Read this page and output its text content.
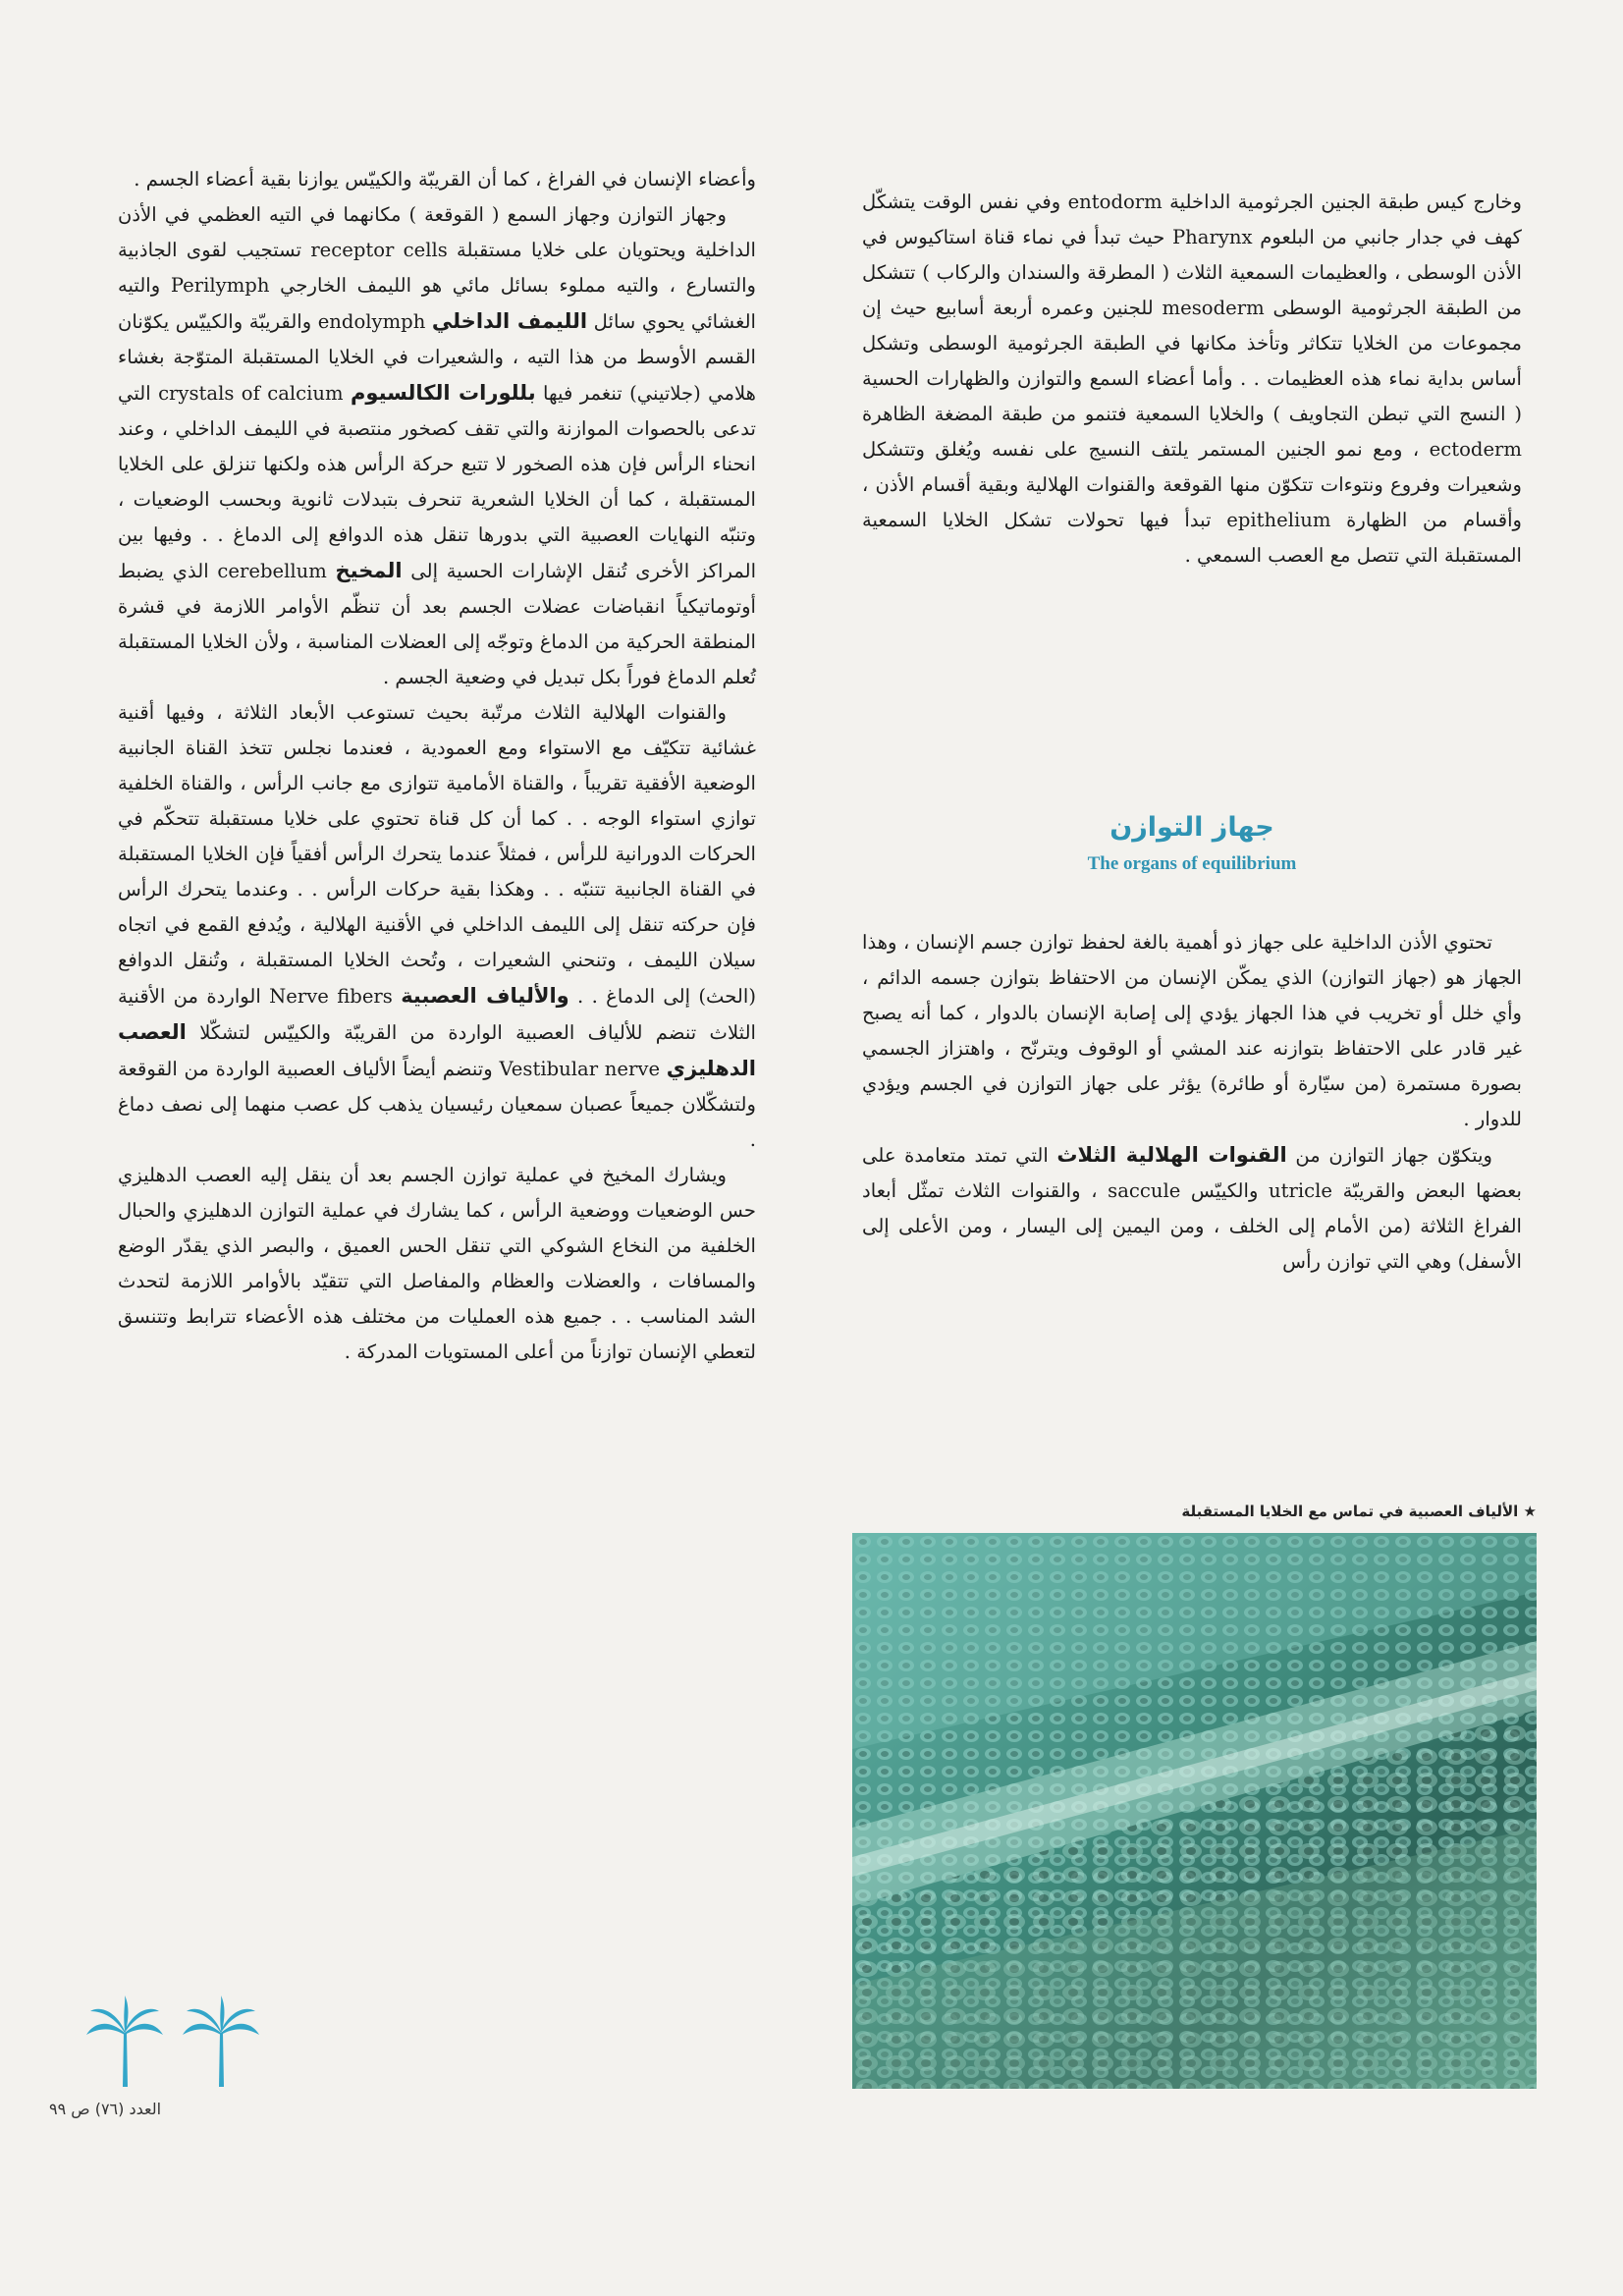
وخارج كيس طبقة الجنين الجرثومية الداخلية entodorm وفي نفس الوقت يتشكّل كهف في جدار جانبي من البلعوم Pharynx حيث تبدأ في نماء قناة استاكيوس في الأذن الوسطى ، والعظيمات السمعية الثلاث ( المطرقة والسندان والركاب ) تتشكل من الطبقة الجرثومية الوسطى mesoderm للجنين وعمره أربعة أسابيع حيث إن مجموعات من الخلايا تتكاثر وتأخذ مكانها في الطبقة الجرثومية الوسطى وتشكل أساس بداية نماء هذه العظيمات . . وأما أعضاء السمع والتوازن والظهارات الحسية ( النسج التي تبطن التجاويف ) والخلايا السمعية فتنمو من طبقة المضغة الظاهرة ectoderm ، ومع نمو الجنين المستمر يلتف النسيج على نفسه ويُغلق وتتشكل وشعيرات وفروع ونتوءات تتكوّن منها القوقعة والقنوات الهلالية وبقية أقسام الأذن ، وأقسام من الظهارة epithelium تبدأ فيها تحولات تشكل الخلايا السمعية المستقبلة التي تتصل مع العصب السمعي .

جهاز التوازن
The organs of equilibrium

تحتوي الأذن الداخلية على جهاز ذو أهمية بالغة لحفظ توازن جسم الإنسان ، وهذا الجهاز هو (جهاز التوازن) الذي يمكّن الإنسان من الاحتفاظ بتوازن جسمه الدائم ، وأي خلل أو تخريب في هذا الجهاز يؤدي إلى إصابة الإنسان بالدوار ، كما أنه يصبح غير قادر على الاحتفاظ بتوازنه عند المشي أو الوقوف ويترنّح ، واهتزاز الجسمي بصورة مستمرة (من سيّارة أو طائرة) يؤثر على جهاز التوازن في الجسم ويؤدي للدوار .

ويتكوّن جهاز التوازن من القنوات الهلالية الثلاث التي تمتد متعامدة على بعضها البعض والقريبّة utricle والكييّس saccule ، والقنوات الثلاث تمثّل أبعاد الفراغ الثلاثة (من الأمام إلى الخلف ، ومن اليمين إلى اليسار ، ومن الأعلى إلى الأسفل) وهي التي توازن رأس

وأعضاء الإنسان في الفراغ ، كما أن القريبّة والكييّس يوازنا بقية أعضاء الجسم .

وجهاز التوازن وجهاز السمع ( القوقعة ) مكانهما في التيه العظمي في الأذن الداخلية ويحتويان على خلايا مستقبلة receptor cells تستجيب لقوى الجاذبية والتسارع ، والتيه مملوء بسائل مائي هو الليمف الخارجي Perilymph والتيه الغشائي يحوي سائل الليمف الداخلي endolymph والقريبّة والكييّس يكوّنان القسم الأوسط من هذا التيه ، والشعيرات في الخلايا المستقبلة المتوّجة بغشاء هلامي (جلاتيني) تنغمر فيها بللورات الكالسيوم crystals of calcium التي تدعى بالحصوات الموازنة والتي تقف كصخور منتصبة في الليمف الداخلي ، وعند انحناء الرأس فإن هذه الصخور لا تتبع حركة الرأس هذه ولكنها تنزلق على الخلايا المستقبلة ، كما أن الخلايا الشعرية تنحرف بتبدلات ثانوية وبحسب الوضعيات ، وتنبّه النهايات العصبية التي بدورها تنقل هذه الدوافع إلى الدماغ . . وفيها بين المراكز الأخرى تُنقل الإشارات الحسية إلى المخيخ cerebellum الذي يضبط أوتوماتيكياً انقباضات عضلات الجسم بعد أن تنظّم الأوامر اللازمة في قشرة المنطقة الحركية من الدماغ وتوجّه إلى العضلات المناسبة ، ولأن الخلايا المستقبلة تُعلم الدماغ فوراً بكل تبديل في وضعية الجسم .

والقنوات الهلالية الثلاث مرتّبة بحيث تستوعب الأبعاد الثلاثة ، وفيها أقنية غشائية تتكيّف مع الاستواء ومع العمودية ، فعندما نجلس تتخذ القناة الجانبية الوضعية الأفقية تقريباً ، والقناة الأمامية تتوازى مع جانب الرأس ، والقناة الخلفية توازي استواء الوجه . . كما أن كل قناة تحتوي على خلايا مستقبلة تتحكّم في الحركات الدورانية للرأس ، فمثلاً عندما يتحرك الرأس أفقياً فإن الخلايا المستقبلة في القناة الجانبية تتنبّه . . وهكذا بقية حركات الرأس . . وعندما يتحرك الرأس فإن حركته تنقل إلى الليمف الداخلي في الأقنية الهلالية ، ويُدفع القمع في اتجاه سيلان الليمف ، وتنحني الشعيرات ، وتُحث الخلايا المستقبلة ، وتُنقل الدوافع (الحث) إلى الدماغ . . والألياف العصبية Nerve fibers الواردة من الأقنية الثلاث تنضم للألياف العصبية الواردة من القريبّة والكييّس لتشكّلا العصب الدهليزي Vestibular nerve وتنضم أيضاً الألياف العصبية الواردة من القوقعة ولتشكّلان جميعاً عصبان سمعيان رئيسيان يذهب كل عصب منهما إلى نصف دماغ .

ويشارك المخيخ في عملية توازن الجسم بعد أن ينقل إليه العصب الدهليزي حس الوضعيات ووضعية الرأس ، كما يشارك في عملية التوازن الدهليزي والحبال الخلفية من النخاع الشوكي التي تنقل الحس العميق ، والبصر الذي يقدّر الوضع والمسافات ، والعضلات والعظام والمفاصل التي تتقيّد بالأوامر اللازمة لتحدث الشد المناسب . . جميع هذه العمليات من مختلف هذه الأعضاء تترابط وتتنسق لتعطي الإنسان توازناً من أعلى المستويات المدركة .

★ الألياف العصبية في تماس مع الخلايا المستقبلة
العدد (٧٦) ص ٩٩
